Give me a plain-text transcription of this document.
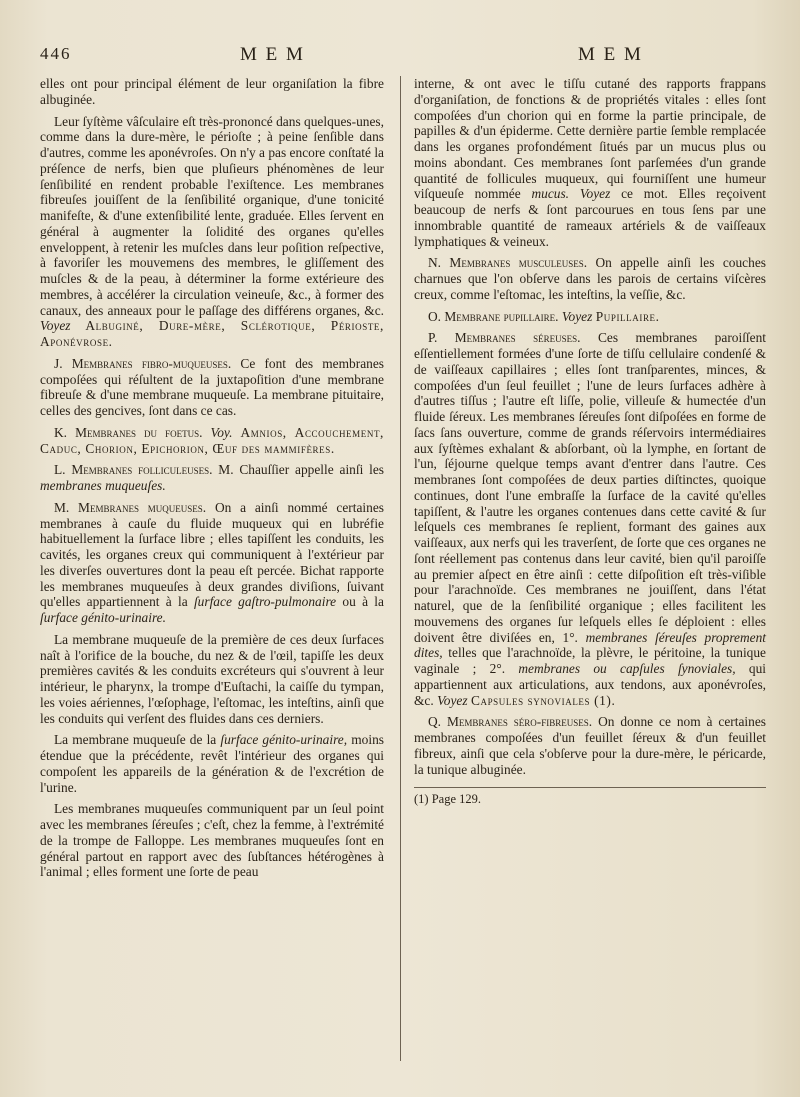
446	M E M	M E M

elles ont pour principal élément de leur organiſation la fibre albuginée.

Leur ſyſtème vâſculaire eſt très-prononcé dans quelques-unes, comme dans la dure-mère, le périoſte ; à peine ſenſible dans d'autres, comme les aponévroſes. On n'y a pas encore conſtaté la préſence de nerfs, bien que pluſieurs phénomènes de leur ſenſibilité en rendent probable l'exiſtence. Les membranes fibreuſes jouiſſent de la ſenſibilité organique, d'une tonicité manifeſte, & d'une extenſibilité lente, graduée. Elles ſervent en général à augmenter la ſolidité des organes qu'elles enveloppent, à retenir les muſcles dans leur poſition reſpective, à favoriſer les mouvemens des membres, le gliſſement des muſcles & de la peau, à déterminer la forme extérieure des membres, à accélérer la circulation veineuſe, &c., à former des canaux, des anneaux pour le paſſage des différens organes, &c. Voyez Albuginé, Dure-mère, Sclérotique, Périoste, Aponévrose.

J. Membranes fibro-muqueuses. Ce font des membranes compoſées qui réſultent de la juxtapoſition d'une membrane fibreuſe & d'une membrane muqueuſe. La membrane pituitaire, celles des gencives, ſont dans ce cas.

K. Membranes du foetus. Voy. Amnios, Accouchement, Caduc, Chorion, Epichorion, Œuf des mammifères.

L. Membranes folliculeuses. M. Chauſſier appelle ainſi les membranes muqueuſes.

M. Membranes muqueuses. On a ainſi nommé certaines membranes à cauſe du fluide muqueux qui en lubréfie habituellement la ſurface libre ; elles tapiſſent les conduits, les cavités, les organes creux qui communiquent à l'extérieur par les diverſes ouvertures dont la peau eſt percée. Bichat rapporte les membranes muqueuſes à deux grandes diviſions, ſuivant qu'elles appartiennent à la ſurface gaſtro-pulmonaire ou à la ſurface génito-urinaire.

La membrane muqueuſe de la première de ces deux ſurfaces naît à l'orifice de la bouche, du nez & de l'œil, tapiſſe les deux premières cavités & les conduits excréteurs qui s'ouvrent à leur intérieur, le pharynx, la trompe d'Euſtachi, la caiſſe du tympan, les voies aériennes, l'œſophage, l'eſtomac, les inteſtins, ainſi que les conduits qui verſent des fluides dans ces derniers.

La membrane muqueuſe de la ſurface génito-urinaire, moins étendue que la précédente, revêt l'intérieur des organes qui compoſent les appareils de la génération & de l'excrétion de l'urine.

Les membranes muqueuſes communiquent par un ſeul point avec les membranes ſéreuſes ; c'eſt, chez la femme, à l'extrémité de la trompe de Falloppe. Les membranes muqueuſes ſont en général partout en rapport avec des ſubſtances hétérogènes à l'animal ; elles forment une ſorte de peau

interne, & ont avec le tiſſu cutané des rapports frappans d'organiſation, de fonctions & de propriétés vitales : elles ſont compoſées d'un chorion qui en forme la partie principale, de papilles & d'un épiderme. Cette dernière partie ſemble remplacée dans les organes profondément ſitués par un mucus plus ou moins abondant. Ces membranes ſont parſemées d'un grande quantité de follicules muqueux, qui fourniſſent une humeur viſqueuſe nommée mucus. Voyez ce mot. Elles reçoivent beaucoup de nerfs & ſont parcourues en tous ſens par une innombrable quantité de rameaux artériels & de vaiſſeaux lymphatiques & veineux.

N. Membranes musculeuses. On appelle ainſi les couches charnues que l'on obſerve dans les parois de certains viſcères creux, comme l'eſtomac, les inteſtins, la veſſie, &c.

O. Membrane pupillaire. Voyez Pupillaire.

P. Membranes séreuses. Ces membranes paroiſſent eſſentiellement formées d'une ſorte de tiſſu cellulaire condenſé & de vaiſſeaux capillaires ; elles ſont tranſparentes, minces, & compoſées d'un ſeul feuillet ; l'une de leurs ſurfaces adhère à d'autres tiſſus ; l'autre eſt liſſe, polie, villeuſe & humectée d'un fluide ſéreux. Les membranes ſéreuſes ſont diſpoſées en forme de ſacs ſans ouverture, comme de grands réſervoirs intermédiaires aux ſyſtèmes exhalant & abſorbant, où la lymphe, en ſortant de l'un, ſéjourne quelque temps avant d'entrer dans l'autre. Ces membranes ſont compoſées de deux parties diſtinctes, quoique continues, dont l'une embraſſe la ſurface de la cavité qu'elles tapiſſent, & l'autre les organes contenues dans cette cavité & ſur leſquels ces membranes ſe replient, formant des gaines aux vaiſſeaux, aux nerfs qui les traverſent, de ſorte que ces organes ne ſont réellement pas contenus dans leur cavité, bien qu'il paroiſſe au premier aſpect en être ainſi : cette diſpoſition eſt très-viſible pour l'arachnoïde. Ces membranes ne jouiſſent, dans l'état naturel, que de la ſenſibilité organique ; elles facilitent les mouvemens des organes ſur leſquels elles ſe déploient : elles doivent être diviſées en, 1°. membranes ſéreuſes proprement dites, telles que l'arachnoïde, la plèvre, le péritoine, la tunique vaginale ; 2°. membranes ou capſules ſynoviales, qui appartiennent aux articulations, aux tendons, aux aponévroſes, &c. Voyez Capsules synoviales (1).

Q. Membranes séro-fibreuses. On donne ce nom à certaines membranes compoſées d'un feuillet ſéreux & d'un feuillet fibreux, ainſi que cela s'obſerve pour la dure-mère, le péricarde, la tunique albuginée.

(1) Page 129.
